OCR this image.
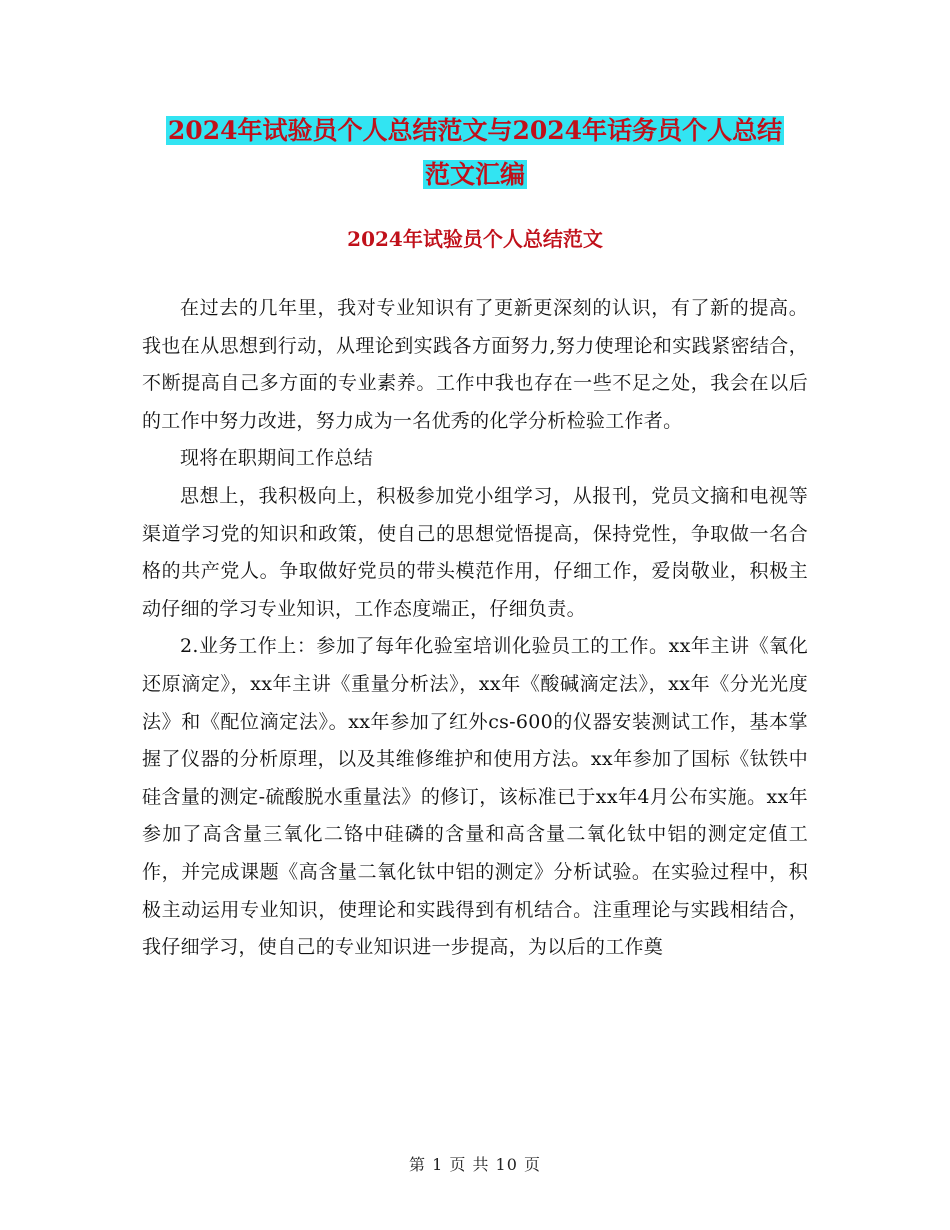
2024年试验员个人总结范文与2024年话务员个人总结
范文汇编
2024年试验员个人总结范文

在过去的几年里，我对专业知识有了更新更深刻的认识，有了新的提高。我也在从思想到行动，从理论到实践各方面努力,努力使理论和实践紧密结合，不断提高自己多方面的专业素养。工作中我也存在一些不足之处，我会在以后的工作中努力改进，努力成为一名优秀的化学分析检验工作者。

现将在职期间工作总结

思想上，我积极向上，积极参加党小组学习，从报刊，党员文摘和电视等渠道学习党的知识和政策，使自己的思想觉悟提高，保持党性，争取做一名合格的共产党人。争取做好党员的带头模范作用，仔细工作，爱岗敬业，积极主动仔细的学习专业知识，工作态度端正，仔细负责。

2.业务工作上：参加了每年化验室培训化验员工的工作。xx年主讲《氧化还原滴定》，xx年主讲《重量分析法》，xx年《酸碱滴定法》，xx年《分光光度法》和《配位滴定法》。xx年参加了红外cs-600的仪器安装测试工作，基本掌握了仪器的分析原理，以及其维修维护和使用方法。xx年参加了国标《钛铁中硅含量的测定-硫酸脱水重量法》的修订，该标准已于xx年4月公布实施。xx年参加了高含量三氧化二铬中硅磷的含量和高含量二氧化钛中铝的测定定值工作，并完成课题《高含量二氧化钛中铝的测定》分析试验。在实验过程中，积极主动运用专业知识，使理论和实践得到有机结合。注重理论与实践相结合，我仔细学习，使自己的专业知识进一步提高，为以后的工作奠

第 1 页 共 10 页
